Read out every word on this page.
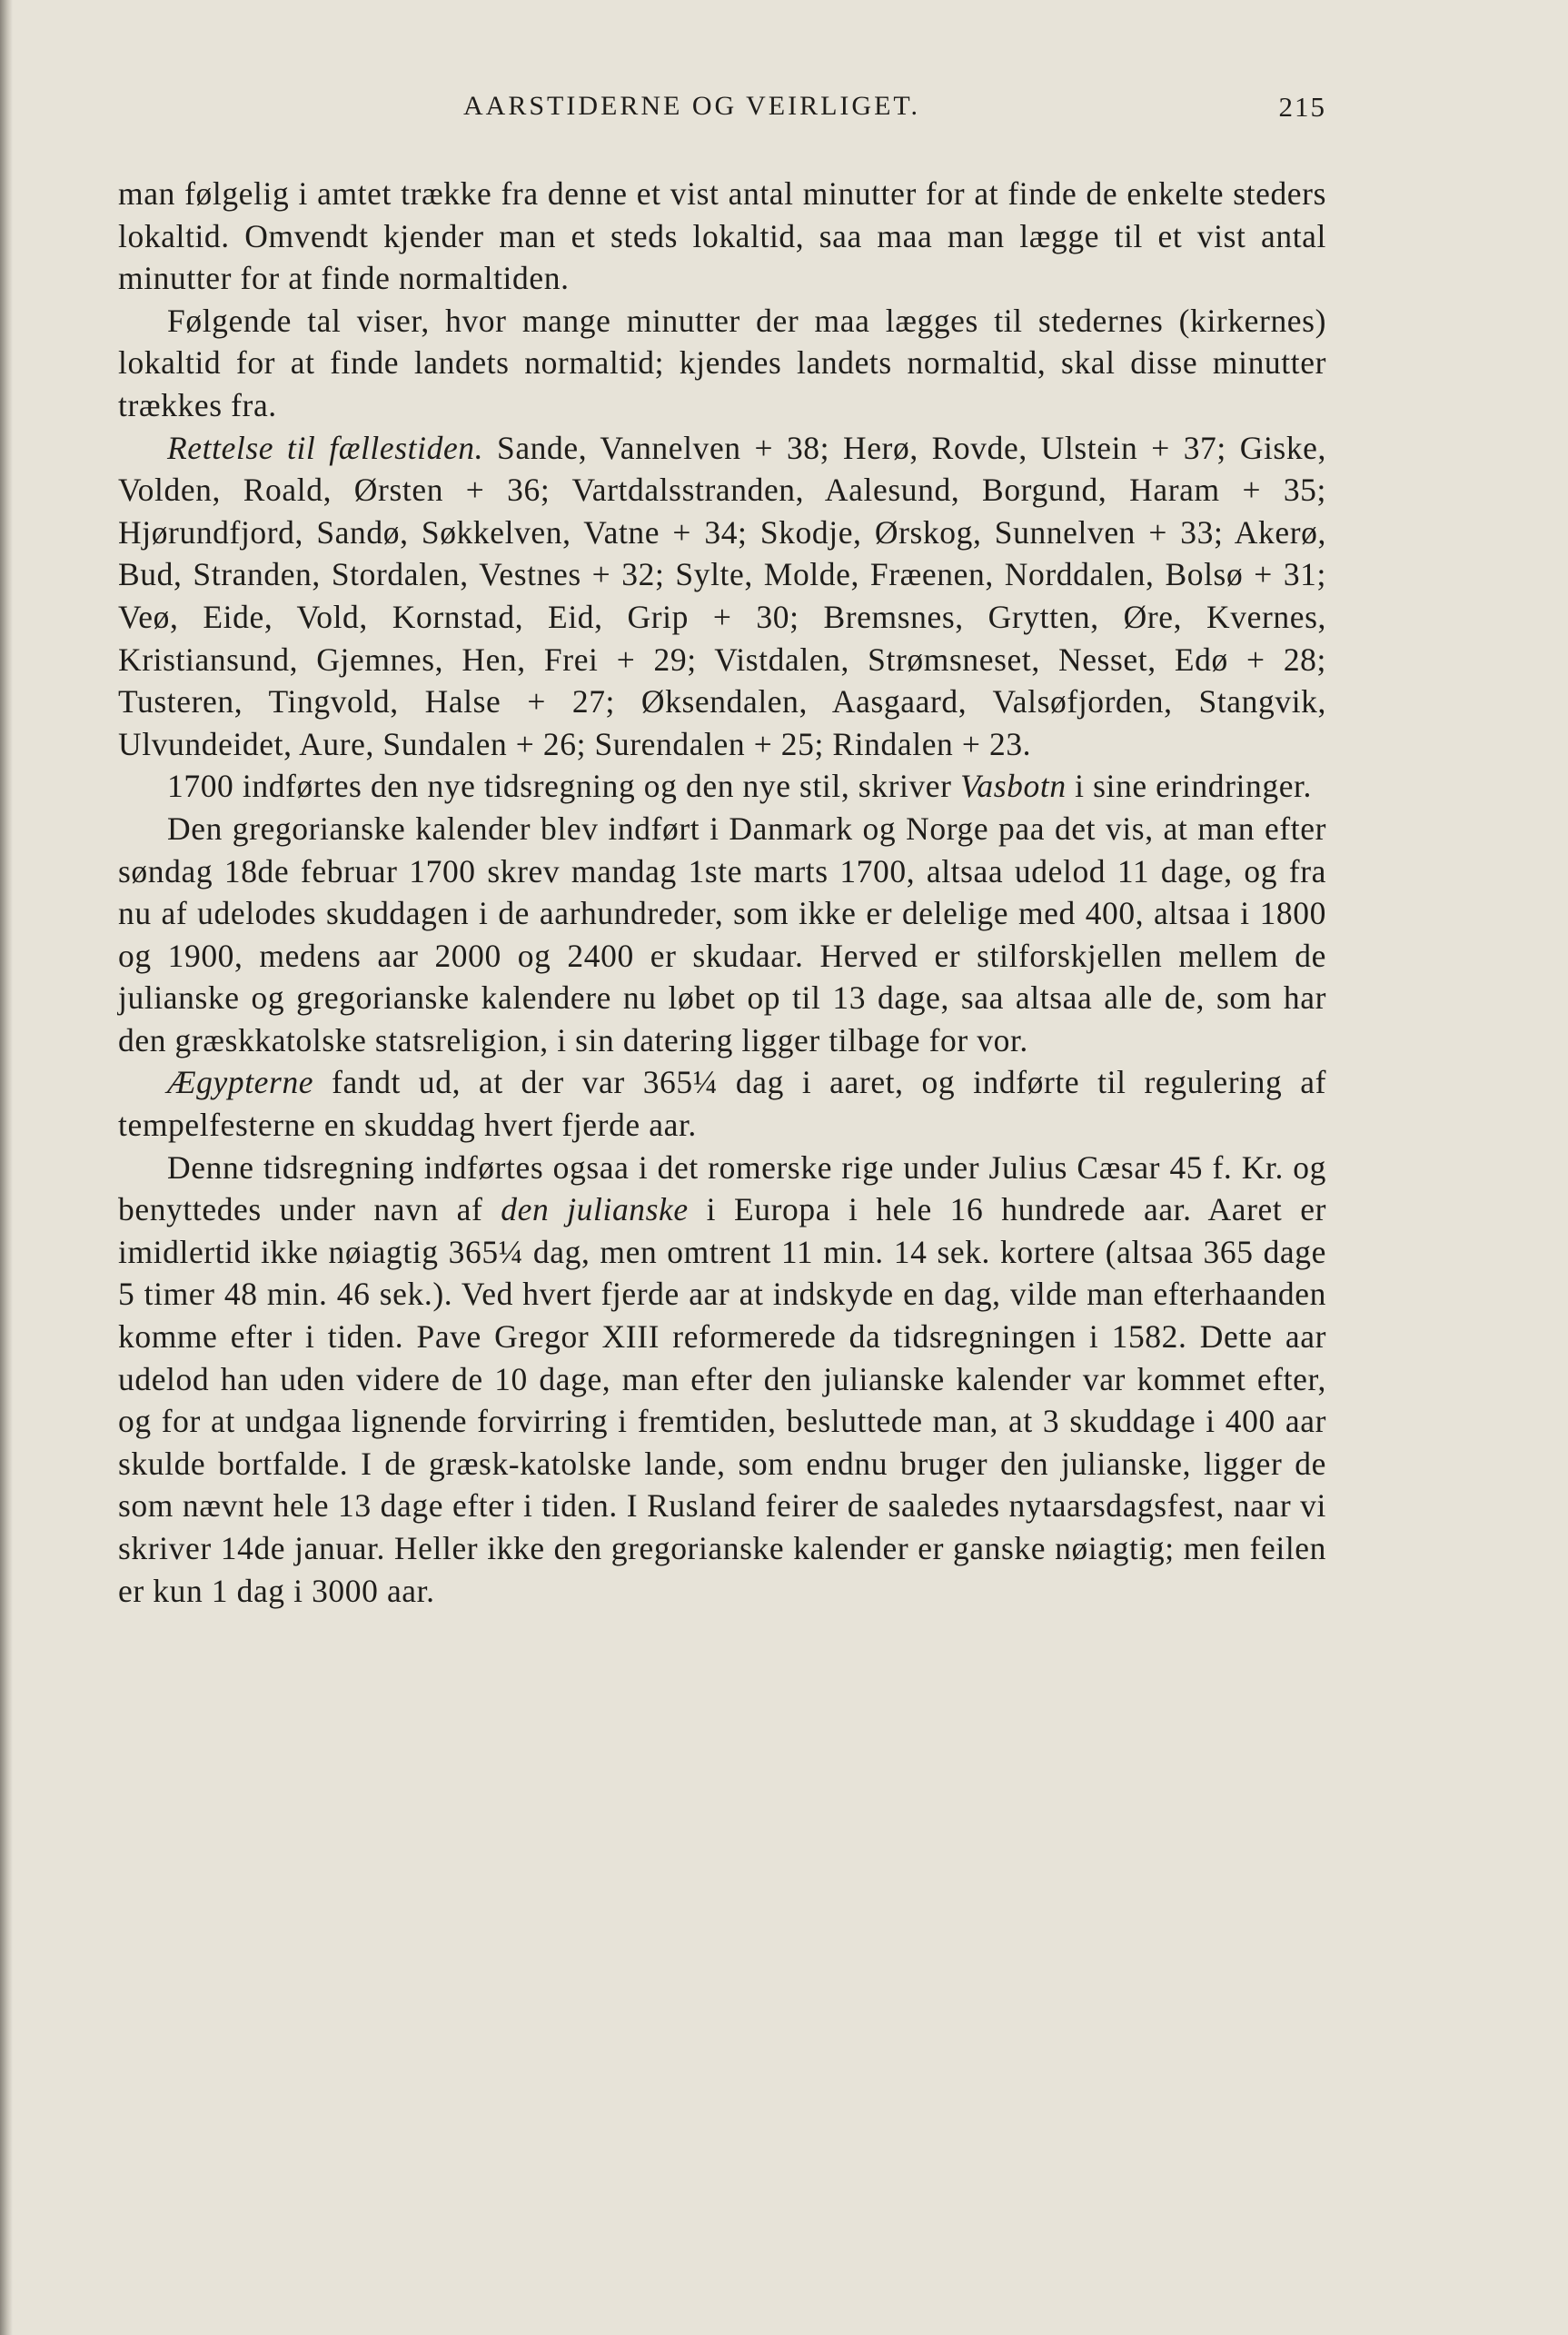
AARSTIDERNE OG VEIRLIGET.	215

man følgelig i amtet trække fra denne et vist antal minutter for at finde de enkelte steders lokaltid. Omvendt kjender man et steds lokaltid, saa maa man lægge til et vist antal minutter for at finde normaltiden.

Følgende tal viser, hvor mange minutter der maa lægges til stedernes (kirkernes) lokaltid for at finde landets normaltid; kjendes landets normaltid, skal disse minutter trækkes fra.

Rettelse til fællestiden. Sande, Vannelven + 38; Herø, Rovde, Ulstein + 37; Giske, Volden, Roald, Ørsten + 36; Vartdalsstranden, Aalesund, Borgund, Haram + 35; Hjørundfjord, Sandø, Søkkelven, Vatne + 34; Skodje, Ørskog, Sunnelven + 33; Akerø, Bud, Stranden, Stordalen, Vestnes + 32; Sylte, Molde, Fræenen, Norddalen, Bolsø + 31; Veø, Eide, Vold, Kornstad, Eid, Grip + 30; Bremsnes, Grytten, Øre, Kvernes, Kristiansund, Gjemnes, Hen, Frei + 29; Vistdalen, Strømsneset, Nesset, Edø + 28; Tusteren, Tingvold, Halse + 27; Øksendalen, Aasgaard, Valsøfjorden, Stangvik, Ulvundeidet, Aure, Sundalen + 26; Surendalen + 25; Rindalen + 23.

1700 indførtes den nye tidsregning og den nye stil, skriver Vasbotn i sine erindringer.

Den gregorianske kalender blev indført i Danmark og Norge paa det vis, at man efter søndag 18de februar 1700 skrev mandag 1ste marts 1700, altsaa udelod 11 dage, og fra nu af udelodes skuddagen i de aarhundreder, som ikke er delelige med 400, altsaa i 1800 og 1900, medens aar 2000 og 2400 er skudaar. Herved er stilforskjellen mellem de julianske og gregorianske kalendere nu løbet op til 13 dage, saa altsaa alle de, som har den græskkatolske statsreligion, i sin datering ligger tilbage for vor.

Ægypterne fandt ud, at der var 365¼ dag i aaret, og indførte til regulering af tempelfesterne en skuddag hvert fjerde aar.

Denne tidsregning indførtes ogsaa i det romerske rige under Julius Cæsar 45 f. Kr. og benyttedes under navn af den julianske i Europa i hele 16 hundrede aar. Aaret er imidlertid ikke nøiagtig 365¼ dag, men omtrent 11 min. 14 sek. kortere (altsaa 365 dage 5 timer 48 min. 46 sek.). Ved hvert fjerde aar at indskyde en dag, vilde man efterhaanden komme efter i tiden. Pave Gregor XIII reformerede da tidsregningen i 1582. Dette aar udelod han uden videre de 10 dage, man efter den julianske kalender var kommet efter, og for at undgaa lignende forvirring i fremtiden, besluttede man, at 3 skuddage i 400 aar skulde bortfalde. I de græsk-katolske lande, som endnu bruger den julianske, ligger de som nævnt hele 13 dage efter i tiden. I Rusland feirer de saaledes nytaarsdagsfest, naar vi skriver 14de januar. Heller ikke den gregorianske kalender er ganske nøiagtig; men feilen er kun 1 dag i 3000 aar.
